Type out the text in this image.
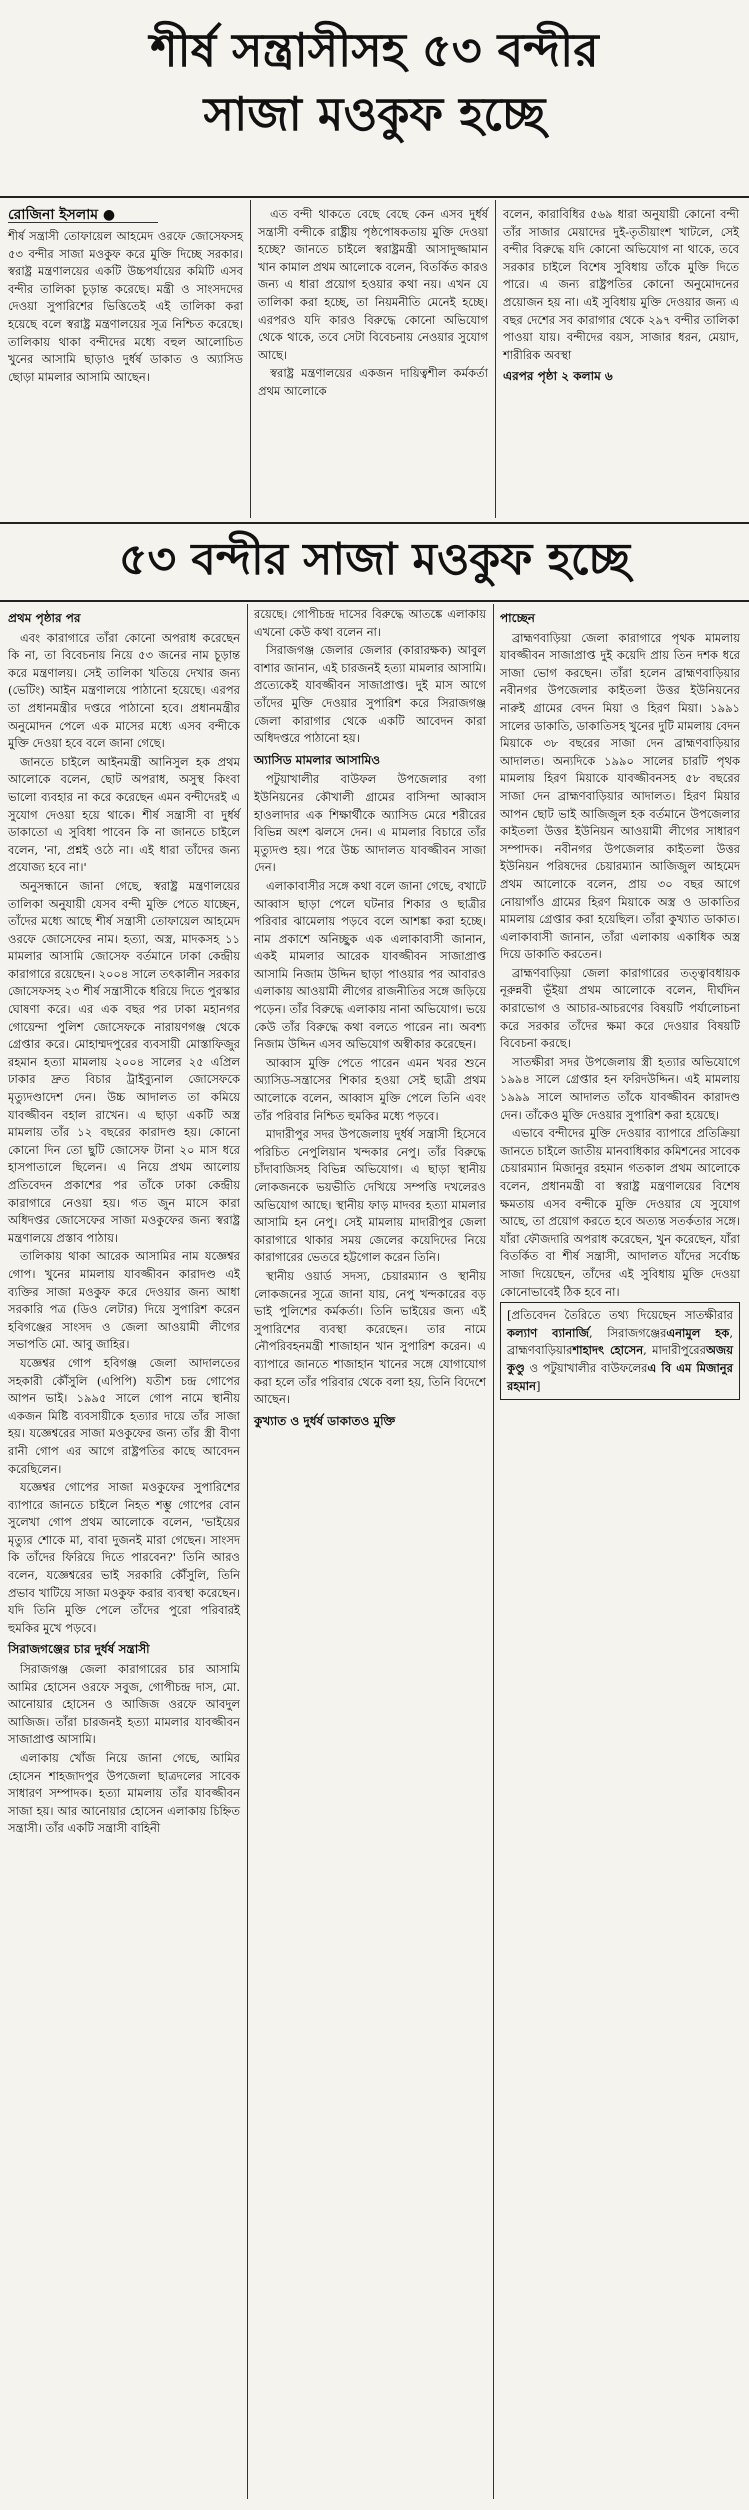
শীর্ষ সন্ত্রাসীসহ ৫৩ বন্দীর
সাজা মওকুফ হচ্ছে
রোজিনা ইসলাম ●

শীর্ষ সন্ত্রাসী তোফায়েল আহমেদ ওরফে জোসেফসহ ৫৩ বন্দীর সাজা মওকুফ করে মুক্তি দিচ্ছে সরকার। স্বরাষ্ট্র মন্ত্রণালয়ের একটি উচ্চপর্যায়ের কমিটি এসব বন্দীর তালিকা চূড়ান্ত করেছে। মন্ত্রী ও সাংসদদের দেওয়া সুপারিশের ভিত্তিতেই এই তালিকা করা হয়েছে বলে স্বরাষ্ট্র মন্ত্রণালয়ের সূত্র নিশ্চিত করেছে। তালিকায় থাকা বন্দীদের মধ্যে বহুল আলোচিত খুনের আসামি ছাড়াও দুর্ধর্ষ ডাকাত ও অ্যাসিড ছোড়া মামলার আসামি আছেন।

এত বন্দী থাকতে বেছে বেছে কেন এসব দুর্ধর্ষ সন্ত্রাসী বন্দীকে রাষ্ট্রীয় পৃষ্ঠপোষকতায় মুক্তি দেওয়া হচ্ছে? জানতে চাইলে স্বরাষ্ট্রমন্ত্রী আসাদুজ্জামান খান কামাল প্রথম আলোকে বলেন, বিতর্কিত কারও জন্য এ ধারা প্রয়োগ হওয়ার কথা নয়। এখন যে তালিকা করা হচ্ছে, তা নিয়মনীতি মেনেই হচ্ছে। এরপরও যদি কারও বিরুদ্ধে কোনো অভিযোগ থেকে থাকে, তবে সেটা বিবেচনায় নেওয়ার সুযোগ আছে।

স্বরাষ্ট্র মন্ত্রণালয়ের একজন দায়িত্বশীল কর্মকর্তা প্রথম আলোকে

বলেন, কারাবিধির ৫৬৯ ধারা অনুযায়ী কোনো বন্দী তাঁর সাজার মেয়াদের দুই-তৃতীয়াংশ খাটলে, সেই বন্দীর বিরুদ্ধে যদি কোনো অভিযোগ না থাকে, তবে সরকার চাইলে বিশেষ সুবিধায় তাঁকে মুক্তি দিতে পারে। এ জন্য রাষ্ট্রপতির কোনো অনুমোদনের প্রয়োজন হয় না। এই সুবিধায় মুক্তি দেওয়ার জন্য এ বছর দেশের সব কারাগার থেকে ২৯৭ বন্দীর তালিকা পাওয়া যায়। বন্দীদের বয়স, সাজার ধরন, মেয়াদ, শারীরিক অবস্থা

এরপর পৃষ্ঠা ২ কলাম ৬

৫৩ বন্দীর সাজা মওকুফ হচ্ছে

প্রথম পৃষ্ঠার পর

এবং কারাগারে তাঁরা কোনো অপরাধ করেছেন কি না, তা বিবেচনায় নিয়ে ৫৩ জনের নাম চূড়ান্ত করে মন্ত্রণালয়। সেই তালিকা খতিয়ে দেখার জন্য (ভেটিং) আইন মন্ত্রণালয়ে পাঠানো হয়েছে। এরপর তা প্রধানমন্ত্রীর দপ্তরে পাঠানো হবে। প্রধানমন্ত্রীর অনুমোদন পেলে এক মাসের মধ্যে এসব বন্দীকে মুক্তি দেওয়া হবে বলে জানা গেছে।

জানতে চাইলে আইনমন্ত্রী আনিসুল হক প্রথম আলোকে বলেন, ছোট অপরাধ, অসুস্থ কিংবা ভালো ব্যবহার না করে করেছেন এমন বন্দীদেরই এ সুযোগ দেওয়া হয়ে থাকে। শীর্ষ সন্ত্রাসী বা দুর্ধর্ষ ডাকাতো এ সুবিধা পাবেন কি না জানতে চাইলে বলেন, 'না, প্রশ্নই ওঠে না। এই ধারা তাঁদের জন্য প্রযোজ্য হবে না।'

অনুসন্ধানে জানা গেছে, স্বরাষ্ট্র মন্ত্রণালয়ের তালিকা অনুযায়ী যেসব বন্দী মুক্তি পেতে যাচ্ছেন, তাঁদের মধ্যে আছে শীর্ষ সন্ত্রাসী তোফায়েল আহমেদ ওরফে জোসেফের নাম। হত্যা, অস্ত্র, মাদকসহ ১১ মামলার আসামি জোসেফ বর্তমানে ঢাকা কেন্দ্রীয় কারাগারে রয়েছেন। ২০০৪ সালে তৎকালীন সরকার জোসেফসহ ২৩ শীর্ষ সন্ত্রাসীকে ধরিয়ে দিতে পুরস্কার ঘোষণা করে। এর এক বছর পর ঢাকা মহানগর গোয়েন্দা পুলিশ জোসেফকে নারায়ণগঞ্জ থেকে গ্রেপ্তার করে। মোহাম্মদপুরের ব্যবসায়ী মোস্তাফিজুর রহমান হত্যা মামলায় ২০০৪ সালের ২৫ এপ্রিল ঢাকার দ্রুত বিচার ট্রাইব্যুনাল জোসেফকে মৃত্যুদণ্ডাদেশ দেন। উচ্চ আদালত তা কমিয়ে যাবজ্জীবন বহাল রাখেন। এ ছাড়া একটি অস্ত্র মামলায় তাঁর ১২ বছরের কারাদণ্ড হয়। কোনো কোনো দিন তো ছুটি জোসেফ টানা ২০ মাস ধরে হাসপাতালে ছিলেন। এ নিয়ে প্রথম আলোয় প্রতিবেদন প্রকাশের পর তাঁকে ঢাকা কেন্দ্রীয় কারাগারে নেওয়া হয়। গত জুন মাসে কারা অধিদপ্তর জোসেফের সাজা মওকুফের জন্য স্বরাষ্ট্র মন্ত্রণালয়ে প্রস্তাব পাঠায়।

তালিকায় থাকা আরেক আসামির নাম যজ্ঞেশ্বর গোপ। খুনের মামলায় যাবজ্জীবন কারাদণ্ড এই ব্যক্তির সাজা মওকুফ করে দেওয়ার জন্য আধা সরকারি পত্র (ডিও লেটার) দিয়ে সুপারিশ করেন হবিগঞ্জের সাংসদ ও জেলা আওয়ামী লীগের সভাপতি মো. আবু জাহির।

যজ্ঞেশ্বর গোপ হবিগঞ্জ জেলা আদালতের সহকারী কৌঁসুলি (এপিপি) যতীশ চন্দ্র গোপের আপন ভাই। ১৯৯৫ সালে গোপ নামে স্থানীয় একজন মিষ্টি ব্যবসায়ীকে হত্যার দায়ে তাঁর সাজা হয়। যজ্ঞেশ্বরের সাজা মওকুফের জন্য তাঁর স্ত্রী বীণা রানী গোপ এর আগে রাষ্ট্রপতির কাছে আবেদন করেছিলেন।

যজ্ঞেশ্বর গোপের সাজা মওকুফের সুপারিশের ব্যাপারে জানতে চাইলে নিহত শম্ভু গোপের বোন সুলেখা গোপ প্রথম আলোকে বলেন, 'ভাইয়ের মৃত্যুর শোকে মা, বাবা দুজনই মারা গেছেন। সাংসদ কি তাঁদের ফিরিয়ে দিতে পারবেন?' তিনি আরও বলেন, যজ্ঞেশ্বরের ভাই সরকারি কৌঁসুলি, তিনি প্রভাব খাটিয়ে সাজা মওকুফ করার ব্যবস্থা করেছেন। যদি তিনি মুক্তি পেলে তাঁদের পুরো পরিবারই হুমকির মুখে পড়বে।

সিরাজগঞ্জের চার দুর্ধর্ষ সন্ত্রাসী

সিরাজগঞ্জ জেলা কারাগারের চার আসামি আমির হোসেন ওরফে সবুজ, গোপীচন্দ্র দাস, মো. আনোয়ার হোসেন ও আজিজ ওরফে আবদুল আজিজ। তাঁরা চারজনই হত্যা মামলার যাবজ্জীবন সাজাপ্রাপ্ত আসামি।

এলাকায় খোঁজ নিয়ে জানা গেছে, আমির হোসেন শাহজাদপুর উপজেলা ছাত্রদলের সাবেক সাধারণ সম্পাদক। হত্যা মামলায় তাঁর যাবজ্জীবন সাজা হয়। আর আনোয়ার হোসেন এলাকায় চিহ্নিত সন্ত্রাসী। তাঁর একটি সন্ত্রাসী বাহিনী

রয়েছে। গোপীচন্দ্র দাসের বিরুদ্ধে আতঙ্কে এলাকায় এখনো কেউ কথা বলেন না।

সিরাজগঞ্জ জেলার জেলার (কারারক্ষক) আবুল বাশার জানান, এই চারজনই হত্যা মামলার আসামি। প্রত্যেকেই যাবজ্জীবন সাজাপ্রাপ্ত। দুই মাস আগে তাঁদের মুক্তি দেওয়ার সুপারিশ করে সিরাজগঞ্জ জেলা কারাগার থেকে একটি আবেদন কারা অধিদপ্তরে পাঠানো হয়।

অ্যাসিড মামলার আসামিও

পটুয়াখালীর বাউফল উপজেলার বগা ইউনিয়নের কৌখালী গ্রামের বাসিন্দা আব্বাস হাওলাদার এক শিক্ষার্থীকে অ্যাসিড মেরে শরীরের বিভিন্ন অংশ ঝলসে দেন। এ মামলার বিচারে তাঁর মৃত্যুদণ্ড হয়। পরে উচ্চ আদালত যাবজ্জীবন সাজা দেন।

এলাকাবাসীর সঙ্গে কথা বলে জানা গেছে, বখাটে আব্বাস ছাড়া পেলে ঘটনার শিকার ও ছাত্রীর পরিবার ঝামেলায় পড়বে বলে আশঙ্কা করা হচ্ছে। নাম প্রকাশে অনিচ্ছুক এক এলাকাবাসী জানান, একই মামলার আরেক যাবজ্জীবন সাজাপ্রাপ্ত আসামি নিজাম উদ্দিন ছাড়া পাওয়ার পর আবারও এলাকায় আওয়ামী লীগের রাজনীতির সঙ্গে জড়িয়ে পড়েন। তাঁর বিরুদ্ধে এলাকায় নানা অভিযোগ। ভয়ে কেউ তাঁর বিরুদ্ধে কথা বলতে পারেন না। অবশ্য নিজাম উদ্দিন এসব অভিযোগ অস্বীকার করেছেন।

আব্বাস মুক্তি পেতে পারেন এমন খবর শুনে অ্যাসিড-সন্ত্রাসের শিকার হওয়া সেই ছাত্রী প্রথম আলোকে বলেন, আব্বাস মুক্তি পেলে তিনি এবং তাঁর পরিবার নিশ্চিত হুমকির মধ্যে পড়বে।

মাদারীপুর সদর উপজেলায় দুর্ধর্ষ সন্ত্রাসী হিসেবে পরিচিত নেপুলিয়ান খন্দকার নেপু। তাঁর বিরুদ্ধে চাঁদাবাজিসহ বিভিন্ন অভিযোগ। এ ছাড়া স্থানীয় লোকজনকে ভয়ভীতি দেখিয়ে সম্পত্তি দখলেরও অভিযোগ আছে। স্থানীয় ফাড় মাদবর হত্যা মামলার আসামি হন নেপু। সেই মামলায় মাদারীপুর জেলা কারাগারে থাকার সময় জেলের কয়েদিদের নিয়ে কারাগারের ভেতরে হট্টগোল করেন তিনি।

স্থানীয় ওয়ার্ড সদস্য, চেয়ারম্যান ও স্থানীয় লোকজনের সূত্রে জানা যায়, নেপু খন্দকারের বড় ভাই পুলিশের কর্মকর্তা। তিনি ভাইয়ের জন্য এই সুপারিশের ব্যবস্থা করেছেন। তার নামে নৌপরিবহনমন্ত্রী শাজাহান খান সুপারিশ করেন। এ ব্যাপারে জানতে শাজাহান খানের সঙ্গে যোগাযোগ করা হলে তাঁর পরিবার থেকে বলা হয়, তিনি বিদেশে আছেন।

কুখ্যাত ও দুর্ধর্ষ ডাকাতও মুক্তি

পাচ্ছেন

ব্রাহ্মণবাড়িয়া জেলা কারাগারে পৃথক মামলায় যাবজ্জীবন সাজাপ্রাপ্ত দুই কয়েদি প্রায় তিন দশক ধরে সাজা ভোগ করছেন। তাঁরা হলেন ব্রাহ্মণবাড়িয়ার নবীনগর উপজেলার কাইতলা উত্তর ইউনিয়নের নারুই গ্রামের বেদন মিয়া ও হিরণ মিয়া। ১৯৯১ সালের ডাকাতি, ডাকাতিসহ খুনের দুটি মামলায় বেদন মিয়াকে ৩৮ বছরের সাজা দেন ব্রাহ্মণবাড়িয়ার আদালত। অন্যদিকে ১৯৯০ সালের চারটি পৃথক মামলায় হিরণ মিয়াকে যাবজ্জীবনসহ ৫৮ বছরের সাজা দেন ব্রাহ্মণবাড়িয়ার আদালত। হিরণ মিয়ার আপন ছোট ভাই আজিজুল হক বর্তমানে উপজেলার কাইতলা উত্তর ইউনিয়ন আওয়ামী লীগের সাধারণ সম্পাদক। নবীনগর উপজেলার কাইতলা উত্তর ইউনিয়ন পরিষদের চেয়ারম্যান আজিজুল আহমেদ প্রথম আলোকে বলেন, প্রায় ৩০ বছর আগে নোয়াগাঁও গ্রামের হিরণ মিয়াকে অস্ত্র ও ডাকাতির মামলায় গ্রেপ্তার করা হয়েছিল। তাঁরা কুখ্যাত ডাকাত। এলাকাবাসী জানান, তাঁরা এলাকায় একাধিক অস্ত্র দিয়ে ডাকাতি করতেন।

ব্রাহ্মণবাড়িয়া জেলা কারাগারের তত্ত্বাবধায়ক নূরুন্নবী ভূঁইয়া প্রথম আলোকে বলেন, দীর্ঘদিন কারাভোগ ও আচার-আচরণের বিষয়টি পর্যালোচনা করে সরকার তাঁদের ক্ষমা করে দেওয়ার বিষয়টি বিবেচনা করছে।

সাতক্ষীরা সদর উপজেলায় স্ত্রী হত্যার অভিযোগে ১৯৯৪ সালে গ্রেপ্তার হন ফরিদউদ্দিন। এই মামলায় ১৯৯৯ সালে আদালত তাঁকে যাবজ্জীবন কারাদণ্ড দেন। তাঁকেও মুক্তি দেওয়ার সুপারিশ করা হয়েছে।

এভাবে বন্দীদের মুক্তি দেওয়ার ব্যাপারে প্রতিক্রিয়া জানতে চাইলে জাতীয় মানবাধিকার কমিশনের সাবেক চেয়ারম্যান মিজানুর রহমান গতকাল প্রথম আলোকে বলেন, প্রধানমন্ত্রী বা স্বরাষ্ট্র মন্ত্রণালয়ের বিশেষ ক্ষমতায় এসব বন্দীকে মুক্তি দেওয়ার যে সুযোগ আছে, তা প্রয়োগ করতে হবে অত্যন্ত সতর্কতার সঙ্গে। যাঁরা ফৌজদারি অপরাধ করেছেন, খুন করেছেন, যাঁরা বিতর্কিত বা শীর্ষ সন্ত্রাসী, আদালত যাঁদের সর্বোচ্চ সাজা দিয়েছেন, তাঁদের এই সুবিধায় মুক্তি দেওয়া কোনোভাবেই ঠিক হবে না।

[প্রতিবেদন তৈরিতে তথ্য দিয়েছেন সাতক্ষীরার কল্যাণ ব্যানার্জি, সিরাজগঞ্জেরএনামুল হক, ব্রাহ্মণবাড়িয়ারশাহাদৎ হোসেন, মাদারীপুরেরঅজয় কুণ্ডু ও পটুয়াখালীর বাউফলেরএ বি এম মিজানুর রহমান]
